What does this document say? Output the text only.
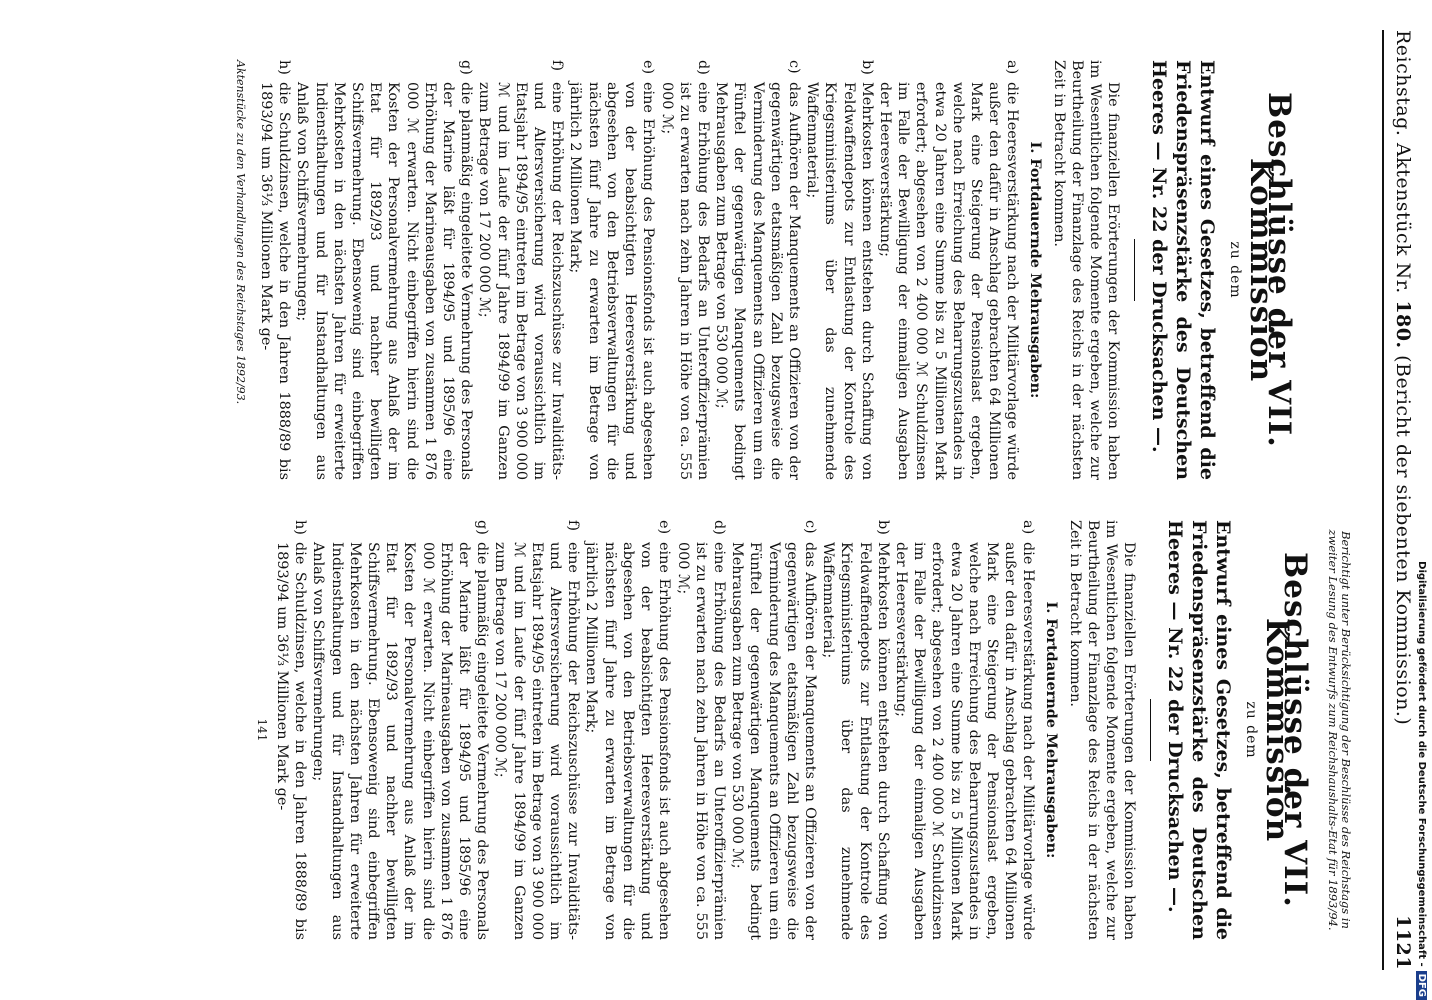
Reichstag. Aktenstück Nr. 180. (Bericht der siebenten Kommission.)
1121
Beschlüsse der VII. Kommission
zu dem
Entwurf eines Gesetzes, betreffend die Friedenspräsenzstärke des Deutschen Heeres — Nr. 22 der Drucksachen —.

Die finanziellen Erörterungen der Kommission haben im Wesentlichen folgende Momente ergeben, welche zur Beurtheilung der Finanzlage des Reichs in der nächsten Zeit in Betracht kommen.

I. Fortdauernde Mehrausgaben:
a)
die Heeresverstärkung nach der Militärvorlage würde außer den dafür in Anschlag gebrachten 64 Millionen Mark eine Steigerung der Pensionslast ergeben, welche nach Erreichung des Beharrungszustandes in etwa 20 Jahren eine Summe bis zu 5 Millionen Mark erfordert; abgesehen von 2 400 000 ℳ Schuldzinsen im Falle der Bewilligung der einmaligen Ausgaben der Heeresverstärkung;
b)
Mehrkosten können entstehen durch Schaffung von Feldwaffendepots zur Entlastung der Kontrole des Kriegsministeriums über das zunehmende Waffenmaterial;
c)
das Aufhören der Manquements an Offizieren von der gegenwärtigen etatsmäßigen Zahl bezugsweise die Verminderung des Manquements an Offizieren um ein Fünftel der gegenwärtigen Manquements bedingt Mehrausgaben zum Betrage von 530 000 ℳ;
d)
eine Erhöhung des Bedarfs an Unteroffizierprämien ist zu erwarten nach zehn Jahren in Höhe von ca. 555 000 ℳ;
e)
eine Erhöhung des Pensionsfonds ist auch abgesehen von der beabsichtigten Heeresverstärkung und abgesehen von den Betriebsverwaltungen für die nächsten fünf Jahre zu erwarten im Betrage von jährlich 2 Millionen Mark;
f)
eine Erhöhung der Reichszuschüsse zur Invaliditäts- und Altersversicherung wird voraussichtlich im Etatsjahr 1894/95 eintreten im Betrage von 3 900 000 ℳ und im Laufe der fünf Jahre 1894/99 im Ganzen zum Betrage von 17 200 000 ℳ;
g)
die planmäßig eingeleitete Vermehrung des Personals der Marine läßt für 1894/95 und 1895/96 eine Erhöhung der Marineausgaben von zusammen 1 876 000 ℳ erwarten. Nicht einbegriffen hierin sind die Kosten der Personalvermehrung aus Anlaß der im Etat für 1892/93 und nachher bewilligten Schiffsvermehrung. Ebensowenig sind einbegriffen Mehrkosten in den nächsten Jahren für erweiterte Indiensthaltungen und für Instandhaltungen aus Anlaß von Schiffsvermehrungen;
h)
die Schuldzinsen, welche in den Jahren 1888/89 bis 1893/94 um 36⅓ Millionen Mark ge-
Aktenstücke zu den Verhandlungen des Reichstages 1892/93.
Berichtigt unter Berücksichtigung der Beschlüsse des Reichstags in zweiter Lesung des Entwurfs zum Reichshaushalts-Etat für 1893/94.
Beschlüsse der VII. Kommission
zu dem
Entwurf eines Gesetzes, betreffend die Friedenspräsenzstärke des Deutschen Heeres — Nr. 22 der Drucksachen —.

Die finanziellen Erörterungen der Kommission haben im Wesentlichen folgende Momente ergeben, welche zur Beurtheilung der Finanzlage des Reichs in der nächsten Zeit in Betracht kommen.

I. Fortdauernde Mehrausgaben:
a)
die Heeresverstärkung nach der Militärvorlage würde außer den dafür in Anschlag gebrachten 64 Millionen Mark eine Steigerung der Pensionslast ergeben, welche nach Erreichung des Beharrungszustandes in etwa 20 Jahren eine Summe bis zu 5 Millionen Mark erfordert; abgesehen von 2 400 000 ℳ Schuldzinsen im Falle der Bewilligung der einmaligen Ausgaben der Heeresverstärkung;
b)
Mehrkosten können entstehen durch Schaffung von Feldwaffendepots zur Entlastung der Kontrole des Kriegsministeriums über das zunehmende Waffenmaterial;
c)
das Aufhören der Manquements an Offizieren von der gegenwärtigen etatsmäßigen Zahl bezugsweise die Verminderung des Manquements an Offizieren um ein Fünftel der gegenwärtigen Manquements bedingt Mehrausgaben zum Betrage von 530 000 ℳ;
d)
eine Erhöhung des Bedarfs an Unteroffizierprämien ist zu erwarten nach zehn Jahren in Höhe von ca. 555 000 ℳ;
e)
eine Erhöhung des Pensionsfonds ist auch abgesehen von der beabsichtigten Heeresverstärkung und abgesehen von den Betriebsverwaltungen für die nächsten fünf Jahre zu erwarten im Betrage von jährlich 2 Millionen Mark;
f)
eine Erhöhung der Reichszuschüsse zur Invaliditäts- und Altersversicherung wird voraussichtlich im Etatsjahr 1894/95 eintreten im Betrage von 3 900 000 ℳ und im Laufe der fünf Jahre 1894/99 im Ganzen zum Betrage von 17 200 000 ℳ;
g)
die planmäßig eingeleitete Vermehrung des Personals der Marine läßt für 1894/95 und 1895/96 eine Erhöhung der Marineausgaben von zusammen 1 876 000 ℳ erwarten. Nicht einbegriffen hierin sind die Kosten der Personalvermehrung aus Anlaß der im Etat für 1892/93 und nachher bewilligten Schiffsvermehrung. Ebensowenig sind einbegriffen Mehrkosten in den nächsten Jahren für erweiterte Indiensthaltungen und für Instandhaltungen aus Anlaß von Schiffsvermehrungen;
h)
die Schuldzinsen, welche in den Jahren 1888/89 bis 1893/94 um 36⅓ Millionen Mark ge-
141	Digitalisierung gefördert durch die Deutsche Forschungsgemeinschaft -DFG
